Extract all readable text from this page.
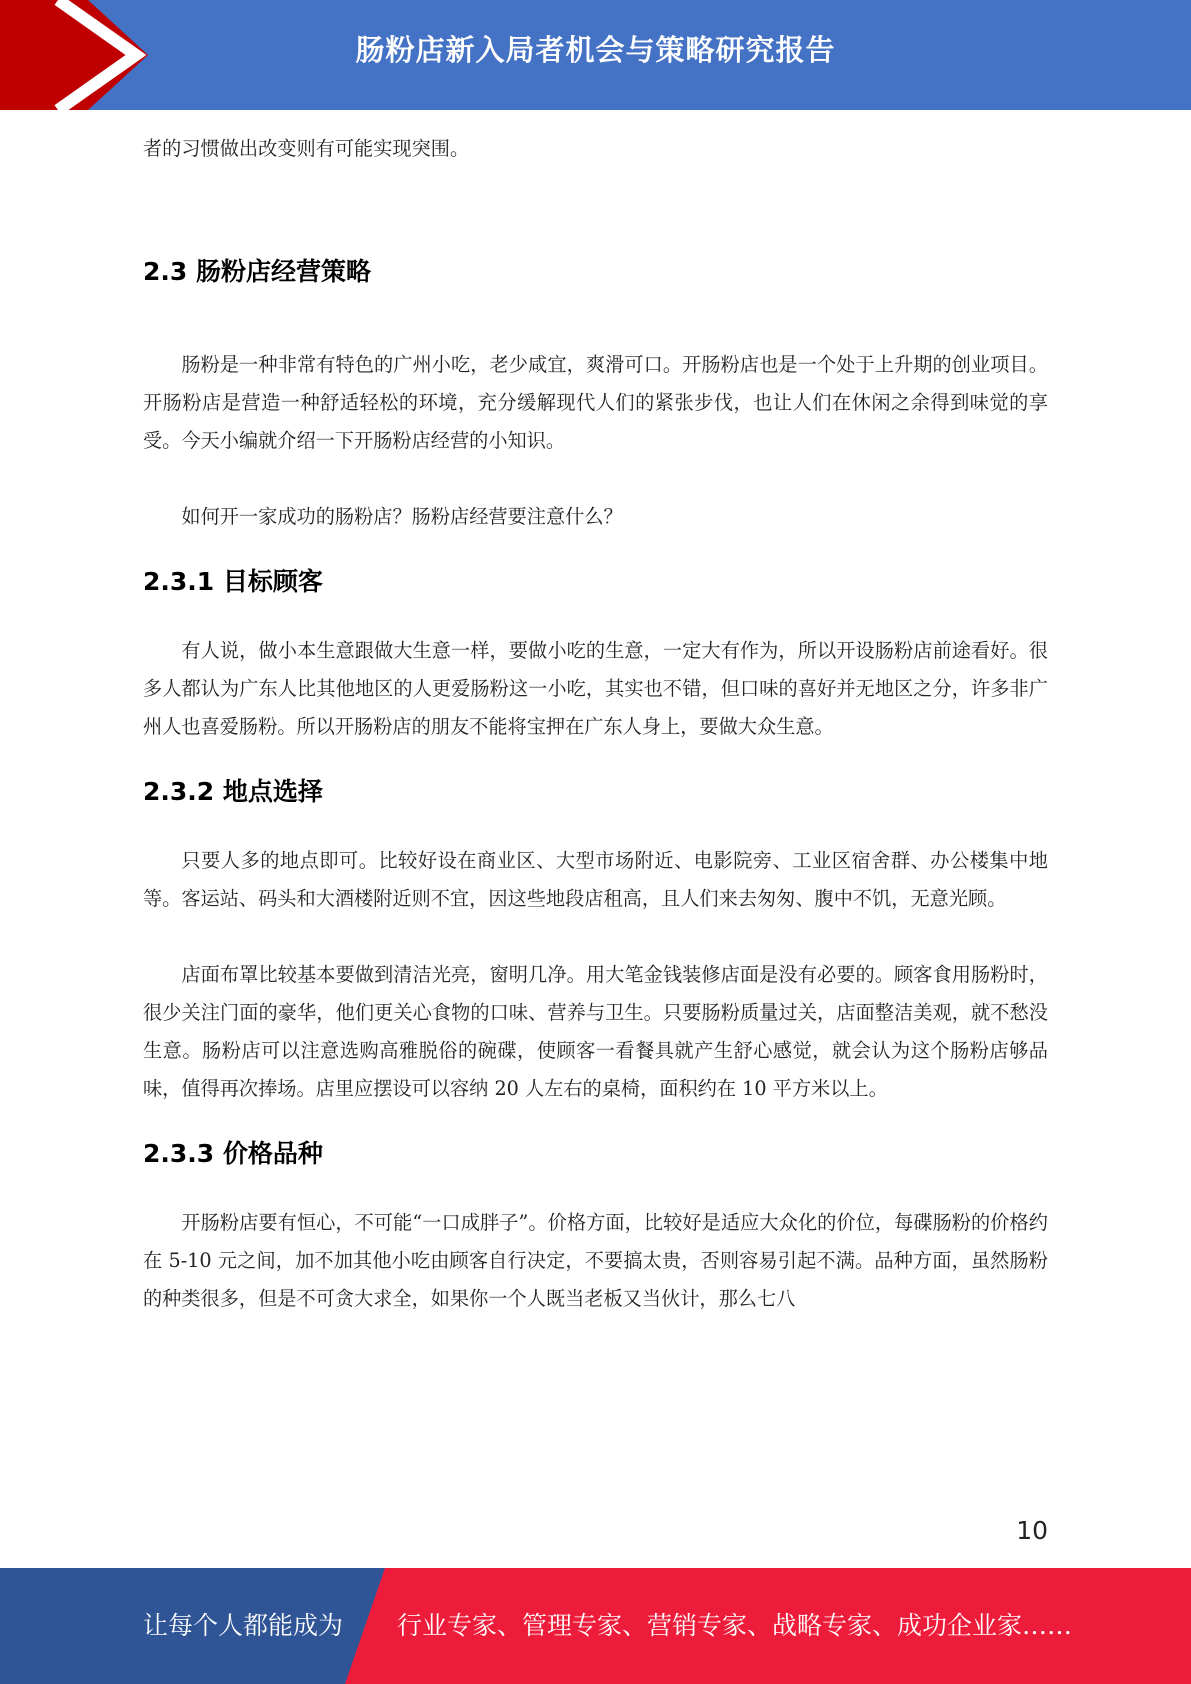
肠粉店新入局者机会与策略研究报告

者的习惯做出改变则有可能实现突围。

2.3 肠粉店经营策略

肠粉是一种非常有特色的广州小吃，老少咸宜，爽滑可口。开肠粉店也是一个处于上升期的创业项目。开肠粉店是营造一种舒适轻松的环境，充分缓解现代人们的紧张步伐，也让人们在休闲之余得到味觉的享受。今天小编就介绍一下开肠粉店经营的小知识。

如何开一家成功的肠粉店？肠粉店经营要注意什么？

2.3.1 目标顾客

有人说，做小本生意跟做大生意一样，要做小吃的生意，一定大有作为，所以开设肠粉店前途看好。很多人都认为广东人比其他地区的人更爱肠粉这一小吃，其实也不错，但口味的喜好并无地区之分，许多非广州人也喜爱肠粉。所以开肠粉店的朋友不能将宝押在广东人身上，要做大众生意。

2.3.2 地点选择

只要人多的地点即可。比较好设在商业区、大型市场附近、电影院旁、工业区宿舍群、办公楼集中地等。客运站、码头和大酒楼附近则不宜，因这些地段店租高，且人们来去匆匆、腹中不饥，无意光顾。

店面布罩比较基本要做到清洁光亮，窗明几净。用大笔金钱装修店面是没有必要的。顾客食用肠粉时，很少关注门面的豪华，他们更关心食物的口味、营养与卫生。只要肠粉质量过关，店面整洁美观，就不愁没生意。肠粉店可以注意选购高雅脱俗的碗碟，使顾客一看餐具就产生舒心感觉，就会认为这个肠粉店够品味，值得再次捧场。店里应摆设可以容纳 20 人左右的桌椅，面积约在 10 平方米以上。

2.3.3 价格品种

开肠粉店要有恒心，不可能“一口成胖子”。价格方面，比较好是适应大众化的价位，每碟肠粉的价格约在 5-10 元之间，加不加其他小吃由顾客自行决定，不要搞太贵，否则容易引起不满。品种方面，虽然肠粉的种类很多，但是不可贪大求全，如果你一个人既当老板又当伙计，那么七八

10
让每个人都能成为 行业专家、管理专家、营销专家、战略专家、成功企业家……
